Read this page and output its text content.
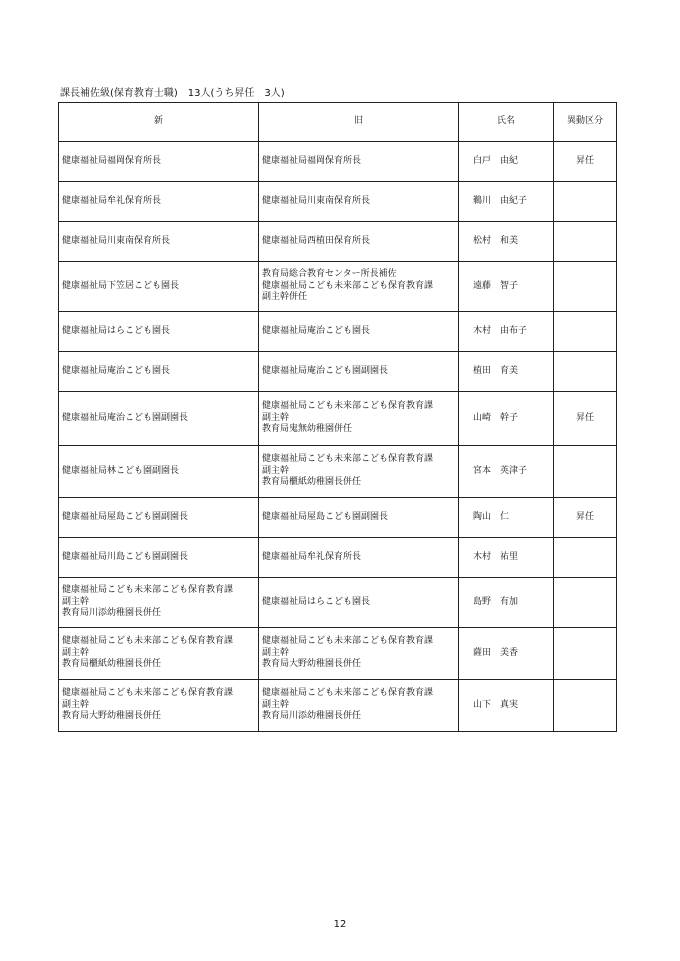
課長補佐級(保育教育士職)　13人(うち昇任　3人)
新	旧	氏名	異動区分

健康福祉局福岡保育所長	健康福祉局福岡保育所長	白戸　由紀	昇任

健康福祉局牟礼保育所長	健康福祉局川東南保育所長	鵜川　由紀子	

健康福祉局川東南保育所長	健康福祉局西植田保育所長	松村　和美	

健康福祉局下笠居こども園長	教育局総合教育センター所長補佐
健康福祉局こども未来部こども保育教育課
副主幹併任	遠藤　智子	

健康福祉局はらこども園長	健康福祉局庵治こども園長	木村　由布子	

健康福祉局庵治こども園長	健康福祉局庵治こども園副園長	植田　育美	

健康福祉局庵治こども園副園長	健康福祉局こども未来部こども保育教育課
副主幹
教育局鬼無幼稚園併任	山崎　幹子	昇任

健康福祉局林こども園副園長	健康福祉局こども未来部こども保育教育課
副主幹
教育局櫃紙幼稚園長併任	宮本　英津子	

健康福祉局屋島こども園副園長	健康福祉局屋島こども園副園長	陶山　仁	昇任

健康福祉局川島こども園副園長	健康福祉局牟礼保育所長	木村　祐里	

健康福祉局こども未来部こども保育教育課
副主幹
教育局川添幼稚園長併任	健康福祉局はらこども園長	島野　有加	

健康福祉局こども未来部こども保育教育課
副主幹
教育局櫃紙幼稚園長併任	健康福祉局こども未来部こども保育教育課
副主幹
教育局大野幼稚園長併任	薩田　美香	

健康福祉局こども未来部こども保育教育課
副主幹
教育局大野幼稚園長併任	健康福祉局こども未来部こども保育教育課
副主幹
教育局川添幼稚園長併任	山下　真実	
12
